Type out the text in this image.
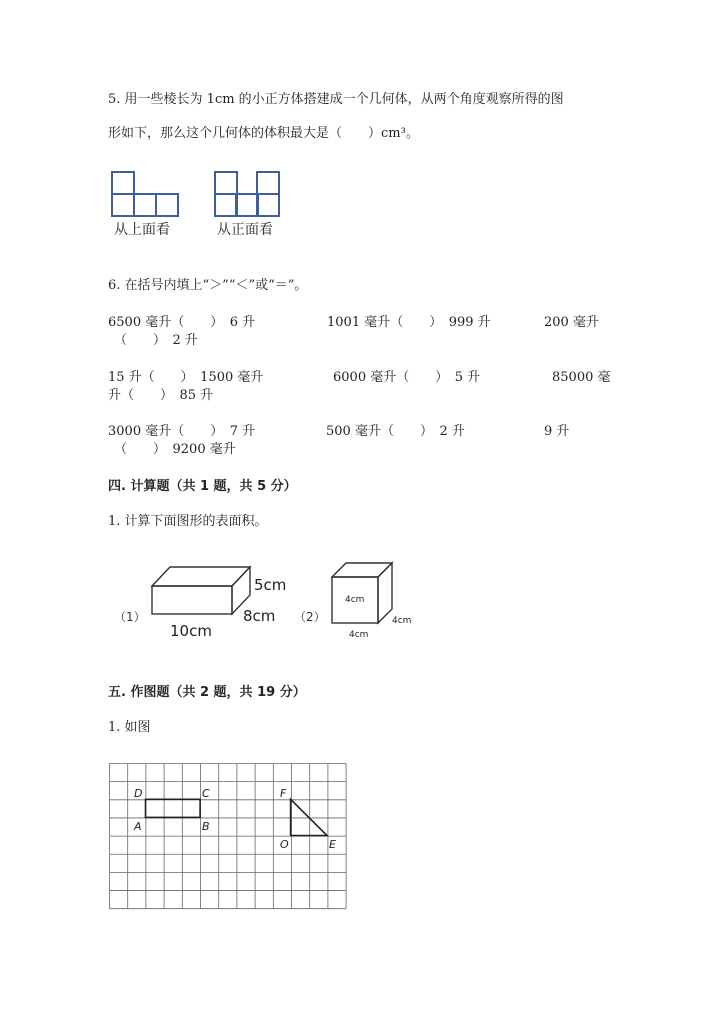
5. 用一些棱长为 1cm 的小正方体搭建成一个几何体，从两个角度观察所得的图
形如下，那么这个几何体的体积最大是（　　）cm³。
从上面看	从正面看
6. 在括号内填上“＞”“＜”或“＝”。
6500 毫升（　　）　6 升	1001 毫升（　　）　999 升	200 毫升
（　　）　2 升
15 升（　　）　1500 毫升	6000 毫升（　　）　5 升	85000 毫
升（　　）　85 升
3000 毫升（　　）　7 升	500 毫升（　　）　2 升	9 升
（　　）　9200 毫升
四. 计算题（共 1 题，共 5 分）
1. 计算下面图形的表面积。
（1）
5cm
8cm
10cm
（2）
4cm
4cm
4cm
五. 作图题（共 2 题，共 19 分）
1. 如图
D	C
A	B
F
O	E
